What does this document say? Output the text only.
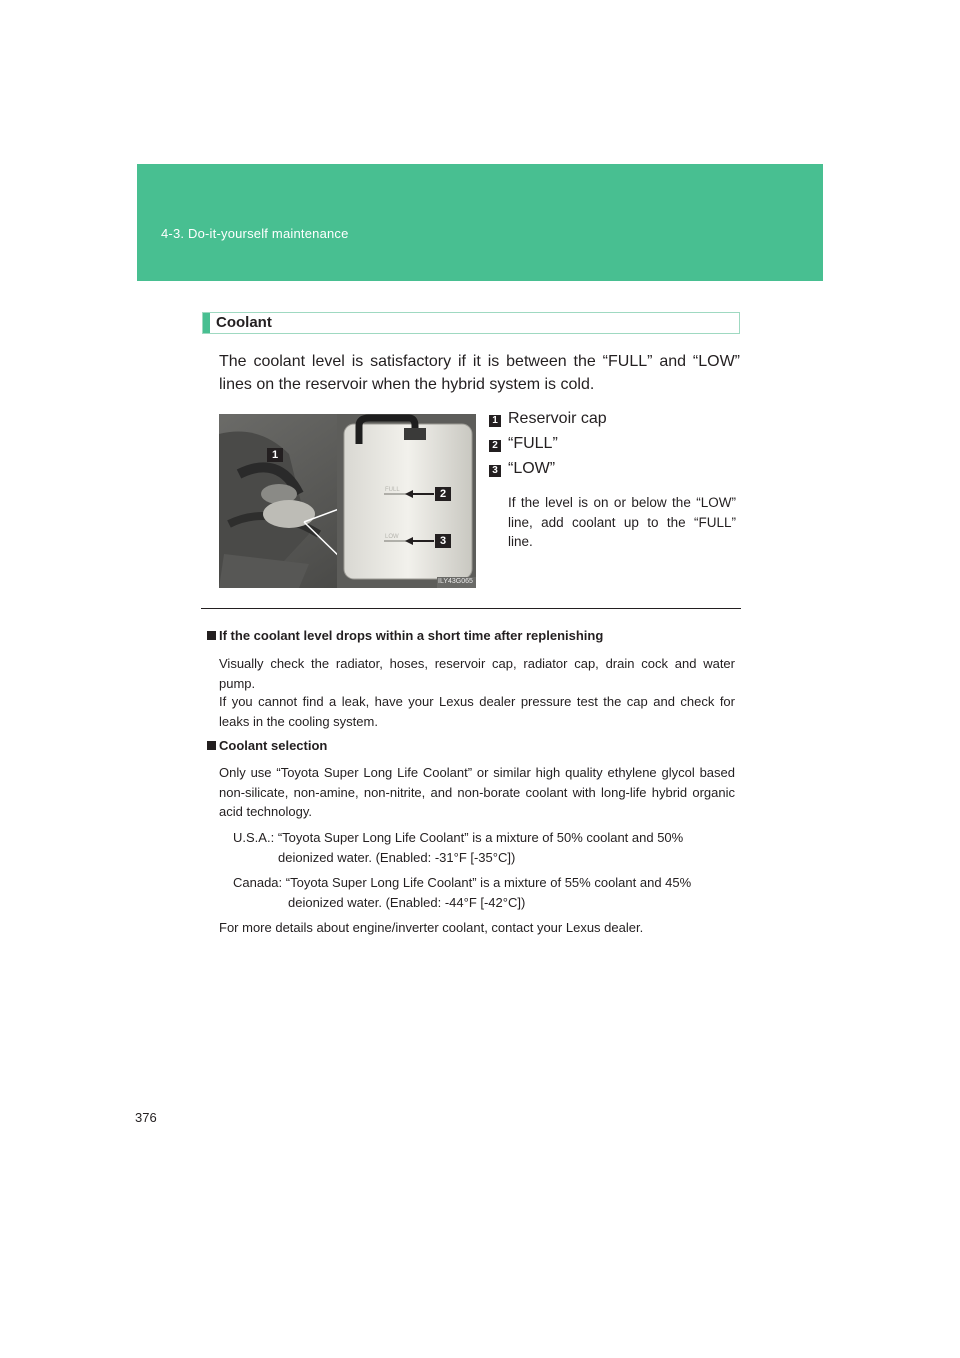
4-3. Do-it-yourself maintenance
Coolant
The coolant level is satisfactory if it is between the “FULL” and “LOW” lines on the reservoir when the hybrid system is cold.
1
2
3
FULL
LOW
ILY43G065
1 Reservoir cap
2 “FULL”
3 “LOW”
If the level is on or below the “LOW” line, add coolant up to the “FULL” line.
If the coolant level drops within a short time after replenishing
Visually check the radiator, hoses, reservoir cap, radiator cap, drain cock and water pump.
If you cannot find a leak, have your Lexus dealer pressure test the cap and check for leaks in the cooling system.
Coolant selection
Only use “Toyota Super Long Life Coolant” or similar high quality ethylene glycol based non-silicate, non-amine, non-nitrite, and non-borate coolant with long-life hybrid organic acid technology.
U.S.A.: “Toyota Super Long Life Coolant” is a mixture of 50% coolant and 50%
deionized water. (Enabled: -31°F [-35°C])
Canada: “Toyota Super Long Life Coolant” is a mixture of 55% coolant and 45%
deionized water. (Enabled: -44°F [-42°C])
For more details about engine/inverter coolant, contact your Lexus dealer.
376
